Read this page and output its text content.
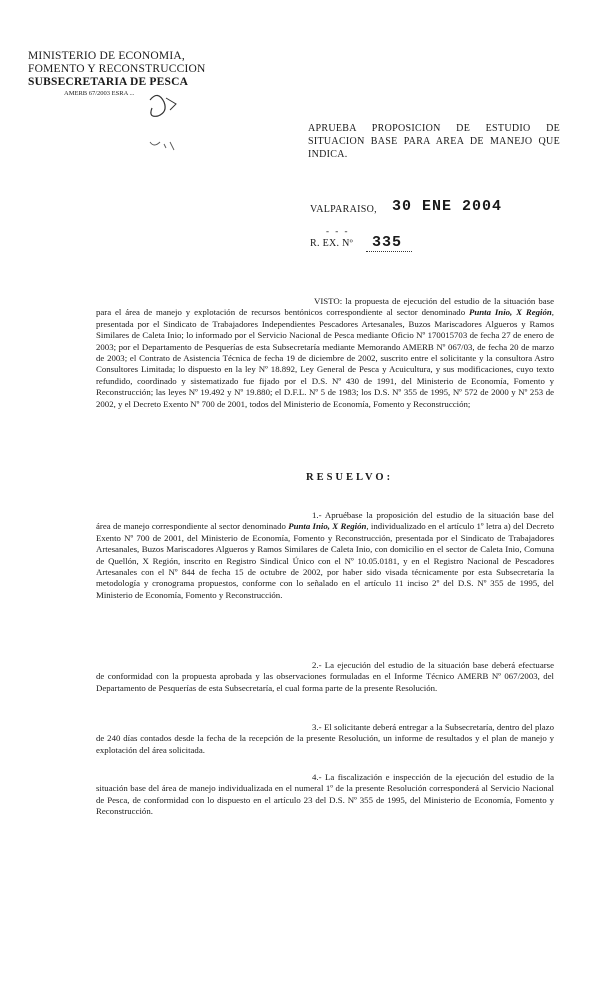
MINISTERIO DE ECONOMIA,
FOMENTO Y RECONSTRUCCION
SUBSECRETARIA DE PESCA
AMERB 67/2003 ESRA ...
APRUEBA PROPOSICION DE ESTUDIO DE SITUACION BASE PARA AREA DE MANEJO QUE INDICA.
VALPARAISO, 30 ENE 2004
- - -
R. EX. Nº 335
VISTO: la propuesta de ejecución del estudio de la situación base para el área de manejo y explotación de recursos bentónicos correspondiente al sector denominado Punta Inio, X Región, presentada por el Sindicato de Trabajadores Independientes Pescadores Artesanales, Buzos Mariscadores Algueros y Ramos Similares de Caleta Inio; lo informado por el Servicio Nacional de Pesca mediante Oficio Nº 170015703 de fecha 27 de enero de 2003; por el Departamento de Pesquerías de esta Subsecretaría mediante Memorando AMERB Nº 067/03, de fecha 20 de marzo de 2003; el Contrato de Asistencia Técnica de fecha 19 de diciembre de 2002, suscrito entre el solicitante y la consultora Astro Consultores Limitada; lo dispuesto en la ley Nº 18.892, Ley General de Pesca y Acuicultura, y sus modificaciones, cuyo texto refundido, coordinado y sistematizado fue fijado por el D.S. Nº 430 de 1991, del Ministerio de Economía, Fomento y Reconstrucción; las leyes Nº 19.492 y Nº 19.880; el D.F.L. Nº 5 de 1983; los D.S. Nº 355 de 1995, Nº 572 de 2000 y Nº 253 de 2002, y el Decreto Exento Nº 700 de 2001, todos del Ministerio de Economía, Fomento y Reconstrucción;
RESUELVO:
1.- Apruébase la proposición del estudio de la situación base del área de manejo correspondiente al sector denominado Punta Inio, X Región, individualizado en el artículo 1º letra a) del Decreto Exento Nº 700 de 2001, del Ministerio de Economía, Fomento y Reconstrucción, presentada por el Sindicato de Trabajadores Artesanales, Buzos Mariscadores Algueros y Ramos Similares de Caleta Inio, con domicilio en el sector de Caleta Inio, Comuna de Quellón, X Región, inscrito en Registro Sindical Único con el Nº 10.05.0181, y en el Registro Nacional de Pescadores Artesanales con el Nº 844 de fecha 15 de octubre de 2002, por haber sido visada técnicamente por esta Subsecretaría la metodología y cronograma propuestos, conforme con lo señalado en el artículo 11 inciso 2º del D.S. Nº 355 de 1995, del Ministerio de Economía, Fomento y Reconstrucción.
2.- La ejecución del estudio de la situación base deberá efectuarse de conformidad con la propuesta aprobada y las observaciones formuladas en el Informe Técnico AMERB Nº 067/2003, del Departamento de Pesquerías de esta Subsecretaría, el cual forma parte de la presente Resolución.
3.- El solicitante deberá entregar a la Subsecretaría, dentro del plazo de 240 días contados desde la fecha de la recepción de la presente Resolución, un informe de resultados y el plan de manejo y explotación del área solicitada.
4.- La fiscalización e inspección de la ejecución del estudio de la situación base del área de manejo individualizada en el numeral 1º de la presente Resolución corresponderá al Servicio Nacional de Pesca, de conformidad con lo dispuesto en el artículo 23 del D.S. Nº 355 de 1995, del Ministerio de Economía, Fomento y Reconstrucción.
